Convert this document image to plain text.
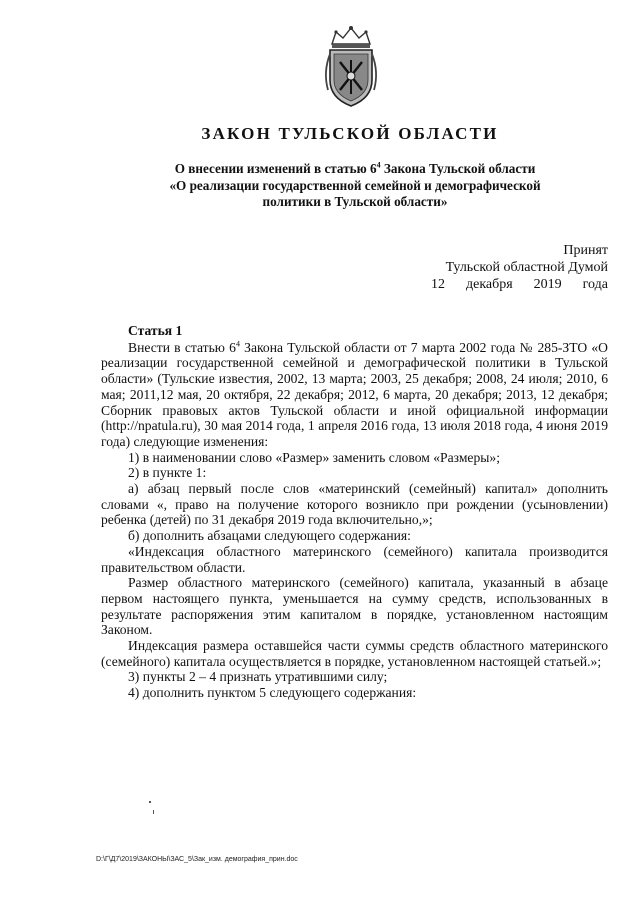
ЗАКОН ТУЛЬСКОЙ ОБЛАСТИ
О внесении изменений в статью $6^4$ Закона Тульской области
«О реализации государственной семейной и демографической
политики в Тульской области»
Принят
Тульской областной Думой
12 декабря 2019 года

Статья 1

Внести в статью $6^4$ Закона Тульской области от 7 марта 2002 года № 285-ЗТО «О реализации государственной семейной и демографической политики в Тульской области» (Тульские известия, 2002, 13 марта; 2003, 25 декабря; 2008, 24 июля; 2010, 6 мая; 2011,12 мая, 20 октября, 22 декабря; 2012, 6 марта, 20 декабря; 2013, 12 декабря; Сборник правовых актов Тульской области и иной официальной информации (http://npatula.ru), 30 мая 2014 года, 1 апреля 2016 года, 13 июля 2018 года, 4 июня 2019 года) следующие изменения:

1) в наименовании слово «Размер» заменить словом «Размеры»;

2) в пункте 1:

а) абзац первый после слов «материнский (семейный) капитал» дополнить словами «, право на получение которого возникло при рождении (усыновлении) ребенка (детей) по 31 декабря 2019 года включительно,»;

б) дополнить абзацами следующего содержания:

«Индексация областного материнского (семейного) капитала производится правительством области.

Размер областного материнского (семейного) капитала, указанный в абзаце первом настоящего пункта, уменьшается на сумму средств, использованных в результате распоряжения этим капиталом в порядке, установленном настоящим Законом.

Индексация размера оставшейся части суммы средств областного материнского (семейного) капитала осуществляется в порядке, установленном настоящей статьей.»;

3) пункты 2 – 4 признать утратившими силу;

4) дополнить пунктом 5 следующего содержания:

D:\Г\Д7\2019\ЗАКОНЫ\ЗАС_5\Зак_изм. демография_прин.doc
